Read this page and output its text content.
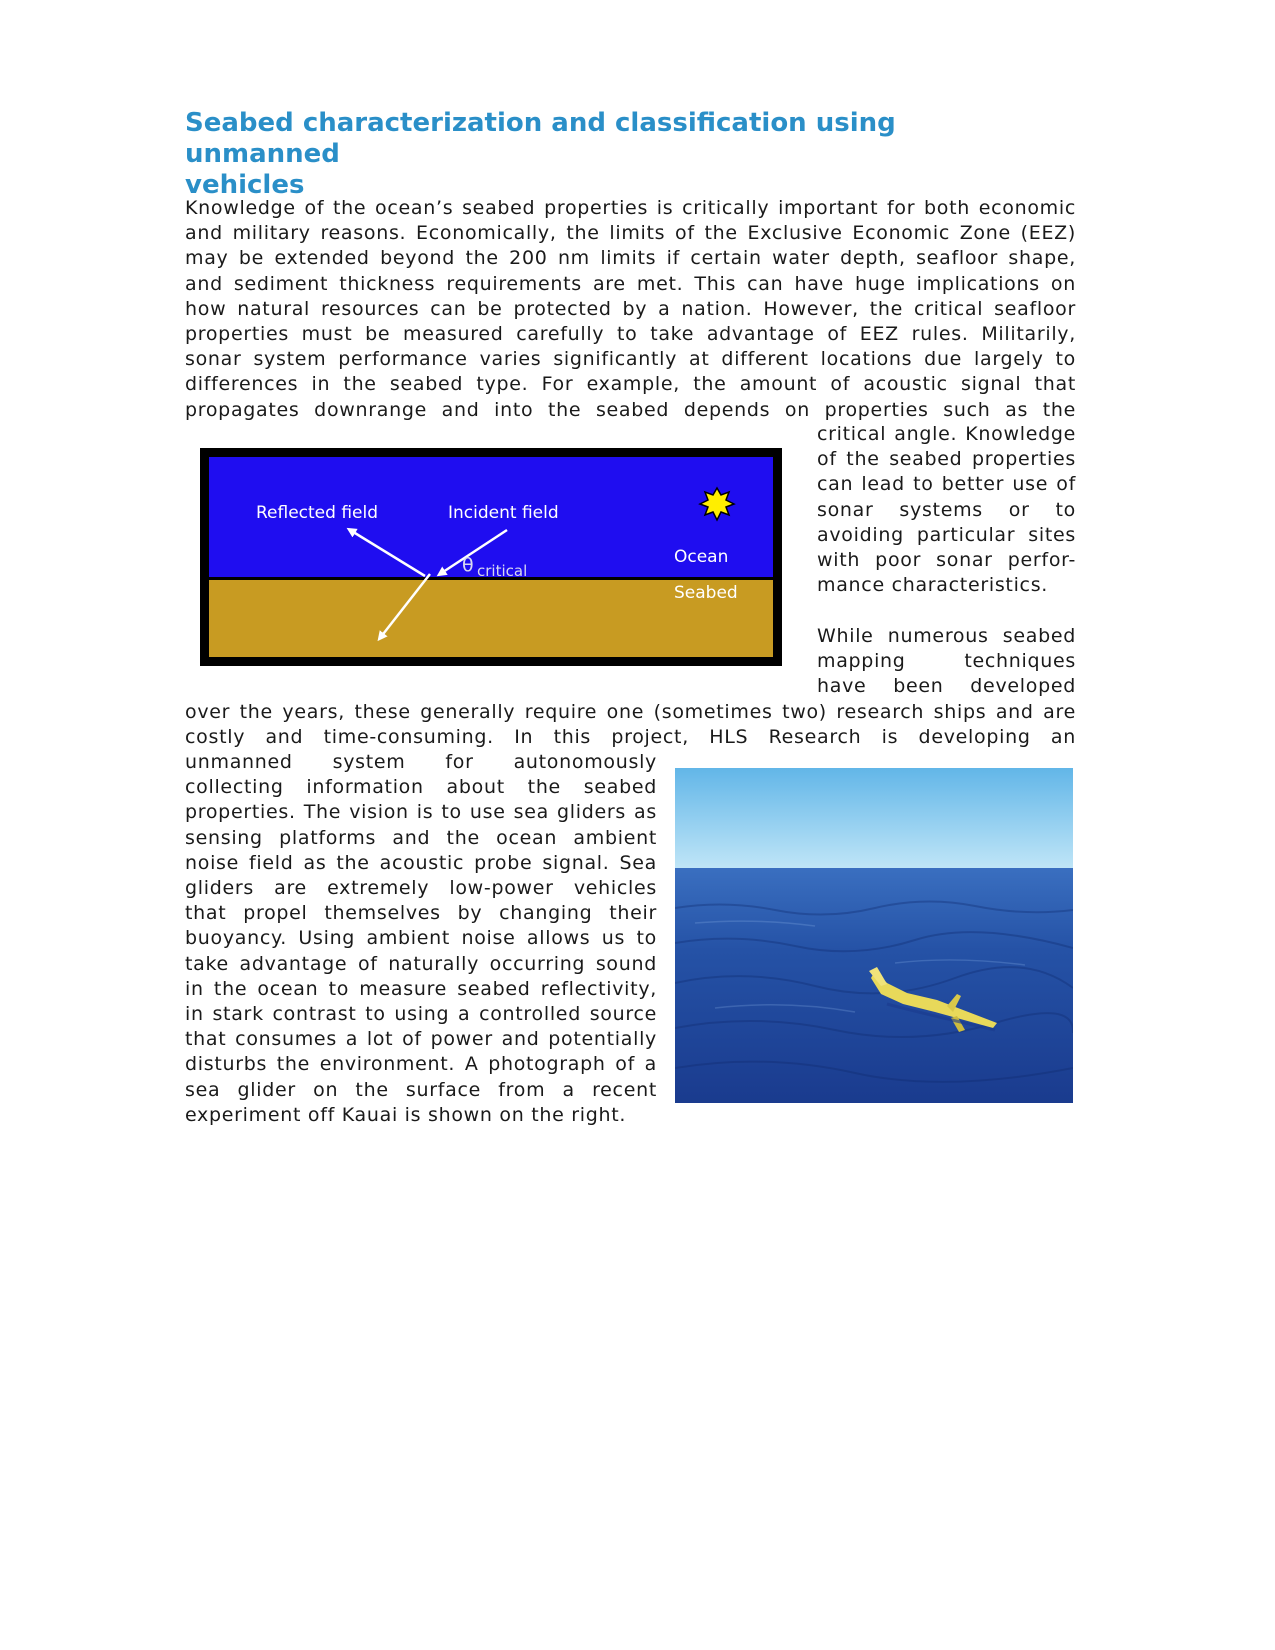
Seabed characterization and classification using unmanned
vehicles
Knowledge of the ocean’s seabed properties is critically important for both economic
and military reasons. Economically, the limits of the Exclusive Economic Zone (EEZ)
may be extended beyond the 200 nm limits if certain water depth, seafloor shape,
and sediment thickness requirements are met. This can have huge implications on
how natural resources can be protected by a nation. However, the critical seafloor
properties must be measured carefully to take advantage of EEZ rules. Militarily,
sonar system performance varies significantly at different locations due largely to
differences in the seabed type. For example, the amount of acoustic signal that
propagates downrange and into the seabed depends on properties such as the
critical angle. Knowledge
of the seabed properties
can lead to better use of
sonar systems or to
avoiding particular sites
with poor sonar perfor-
mance characteristics.
While numerous seabed
mapping techniques
have been developed
over the years, these generally require one (sometimes two) research ships and are
costly and time-consuming. In this project, HLS Research is developing an
unmanned system for autonomously
collecting information about the seabed
properties. The vision is to use sea gliders as
sensing platforms and the ocean ambient
noise field as the acoustic probe signal. Sea
gliders are extremely low-power vehicles
that propel themselves by changing their
buoyancy. Using ambient noise allows us to
take advantage of naturally occurring sound
in the ocean to measure seabed reflectivity,
in stark contrast to using a controlled source
that consumes a lot of power and potentially
disturbs the environment. A photograph of a
sea glider on the surface from a recent
experiment off Kauai is shown on the right.
Reflected field	Incident field
θ critical
Ocean
Seabed
